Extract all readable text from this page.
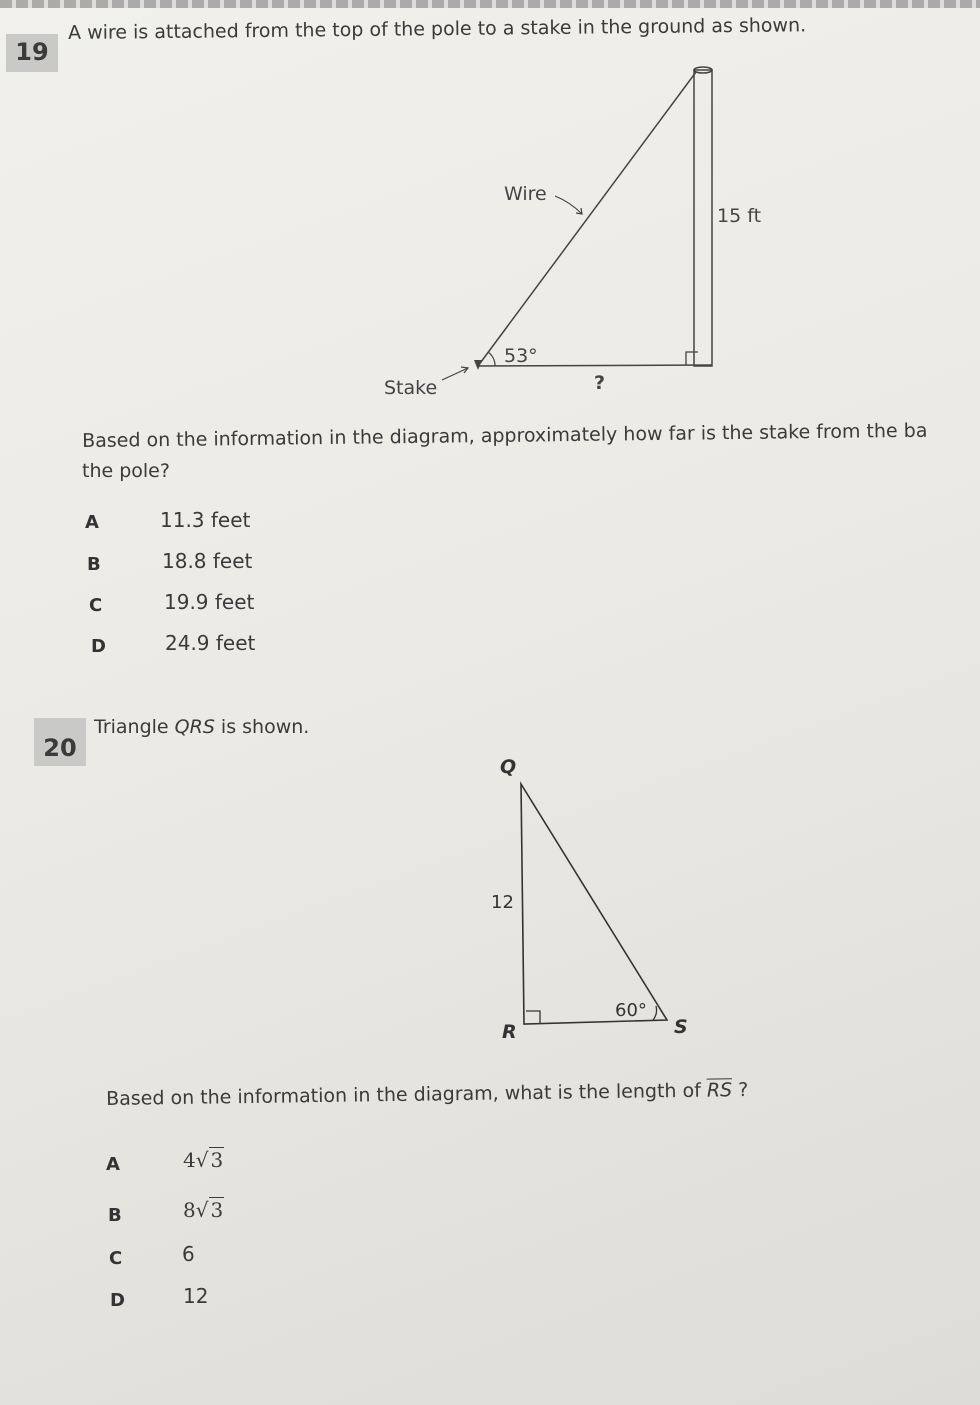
19
A wire is attached from the top of the pole to a stake in the ground as shown.
Wire
15 ft
53°
Stake	?
Based on the information in the diagram, approximately how far is the stake from the ba
the pole?
A	11.3 feet
B	18.8 feet
C	19.9 feet
D	24.9 feet
20
Triangle QRS is shown.
Q
R	S
12
60°
Based on the information in the diagram, what is the length of $\overline{RS}$ ?
A	4√ 3
B	8√ 3
C	6
D	12
